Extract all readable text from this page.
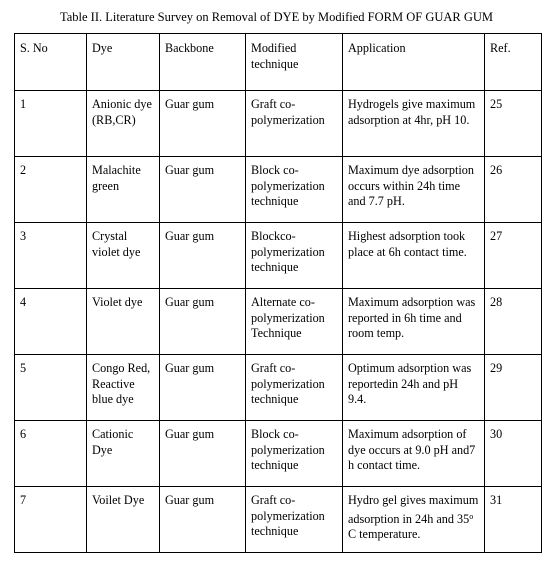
Table II. Literature Survey on Removal of DYE by Modified FORM OF GUAR GUM
S. No	Dye	Backbone	Modified technique	Application	Ref.
1	Anionic dye (RB,CR)	Guar gum	Graft co-polymerization	Hydrogels give maximum adsorption at 4hr, pH 10.	25
2	Malachite green	Guar gum	Block co-polymerization technique	Maximum dye adsorption occurs within 24h time and 7.7 pH.	26
3	Crystal violet dye	Guar gum	Blockco-polymerization technique	Highest adsorption took place at 6h contact time.	27
4	Violet dye	Guar gum	Alternate co-polymerization Technique	Maximum adsorption was reported in 6h time and room temp.	28
5	Congo Red, Reactive blue dye	Guar gum	Graft co-polymerization technique	Optimum adsorption was reportedin 24h and pH 9.4.	29
6	Cationic Dye	Guar gum	Block co-polymerization technique	Maximum adsorption of dye occurs at 9.0 pH and7 h contact time.	30
7	Voilet Dye	Guar gum	Graft co-polymerization technique	Hydro gel gives maximum adsorption in 24h and 35$^o$ C temperature.	31
